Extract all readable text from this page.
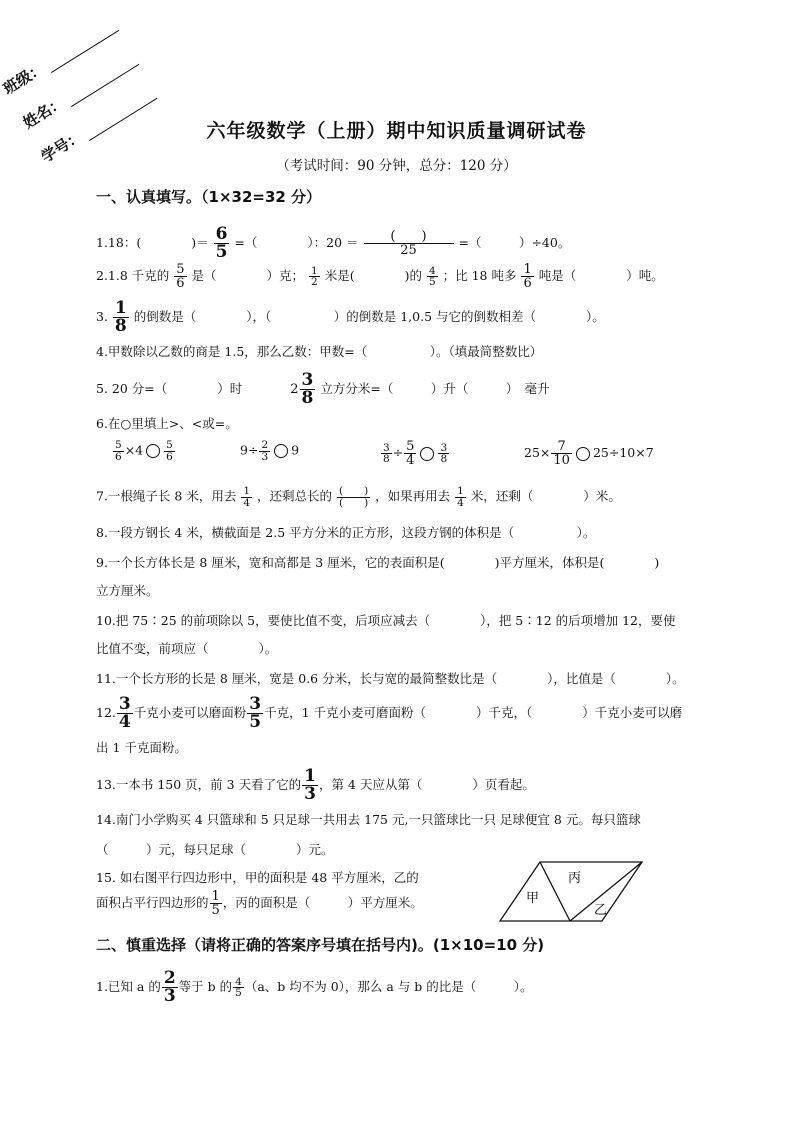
班级：
姓名：
学号：	六年级数学（上册）期中知识质量调研试卷
（考试时间：90 分钟，总分：120 分）
一、认真填写。（1×32=32 分）
1.18：(　　　　)＝ $\frac{6}{5}$ =（　　　　）：$20 = \frac{( )}{25}$ =（　　　）÷40。
2.1.8 千克的 $\frac{5}{6}$ 是（　　　　）克； $\frac{1}{2}$ 米是(　　　　)的 $\frac{4}{5}$ ；比 18 吨多 $\frac{1}{6}$ 吨是（　　　　）吨。
3. $\frac{1}{8}$ 的倒数是（　　　　），（　　　　　）的倒数是 1,0.5 与它的倒数相差（　　　　）。
4.甲数除以乙数的商是 1.5，那么乙数：甲数=（　　　　　）。（填最简整数比）
5. 20 分=（　　　　）时	$2 \frac{3}{8}$ 立方分米=（　　　）升（　　　）　毫升
6.在○里填上>、<或=。
$\frac{5}{6} \times 4 \frac{5}{6}$	$9\div \frac{2}{3} 9$	$\frac{3}{8} \div \frac{5}{4} \frac{3}{8}$	$25\times \frac{7}{10} 25\div 10\times 7$
7.一根绳子长 8 米，用去 $\frac{1}{4}$ ，还剩总长的 $\frac{( )}{( )}$ ，如果再用去 $\frac{1}{4}$ 米，还剩（　　　　）米。
8.一段方钢长 4 米，横截面是 2.5 平方分米的正方形，这段方钢的体积是（　　　　　）。
9.一个长方体长是 8 厘米，宽和高都是 3 厘米，它的表面积是(　　　　)平方厘米，体积是(　　　　)
立方厘米。
10.把 75∶25 的前项除以 5，要使比值不变，后项应减去（　　　　），把 5∶12 的后项增加 12，要使
比值不变，前项应（　　　　）。
11.一个长方形的长是 8 厘米，宽是 0.6 分米，长与宽的最简整数比是（　　　　），比值是（　　　　）。
12. $\frac{3}{4}$ 千克小麦可以磨面粉 $\frac{3}{5}$ 千克，1 千克小麦可磨面粉（　　　　）千克，（　　　　）千克小麦可以磨
出 1 千克面粉。
13.一本书 150 页，前 3 天看了它的 $\frac{1}{3}$ ，第 4 天应从第（　　　　）页看起。
14.南门小学购买 4 只篮球和 5 只足球一共用去 175 元,一只篮球比一只 足球便宜 8 元。每只篮球
（　　　）元，每只足球（　　　　）元。
15. 如右图平行四边形中，甲的面积是 48 平方厘米，乙的
面积占平行四边形的 $\frac{1}{5}$ ，丙的面积是（　　　）平方厘米。	甲
丙
乙
二、慎重选择（请将正确的答案序号填在括号内)。(1×10=10 分)
1.已知 a 的 $\frac{2}{3}$ 等于 b 的 $\frac{4}{5} (a$、b 均不为 0），那么 a 与 b 的比是（　　　）。
